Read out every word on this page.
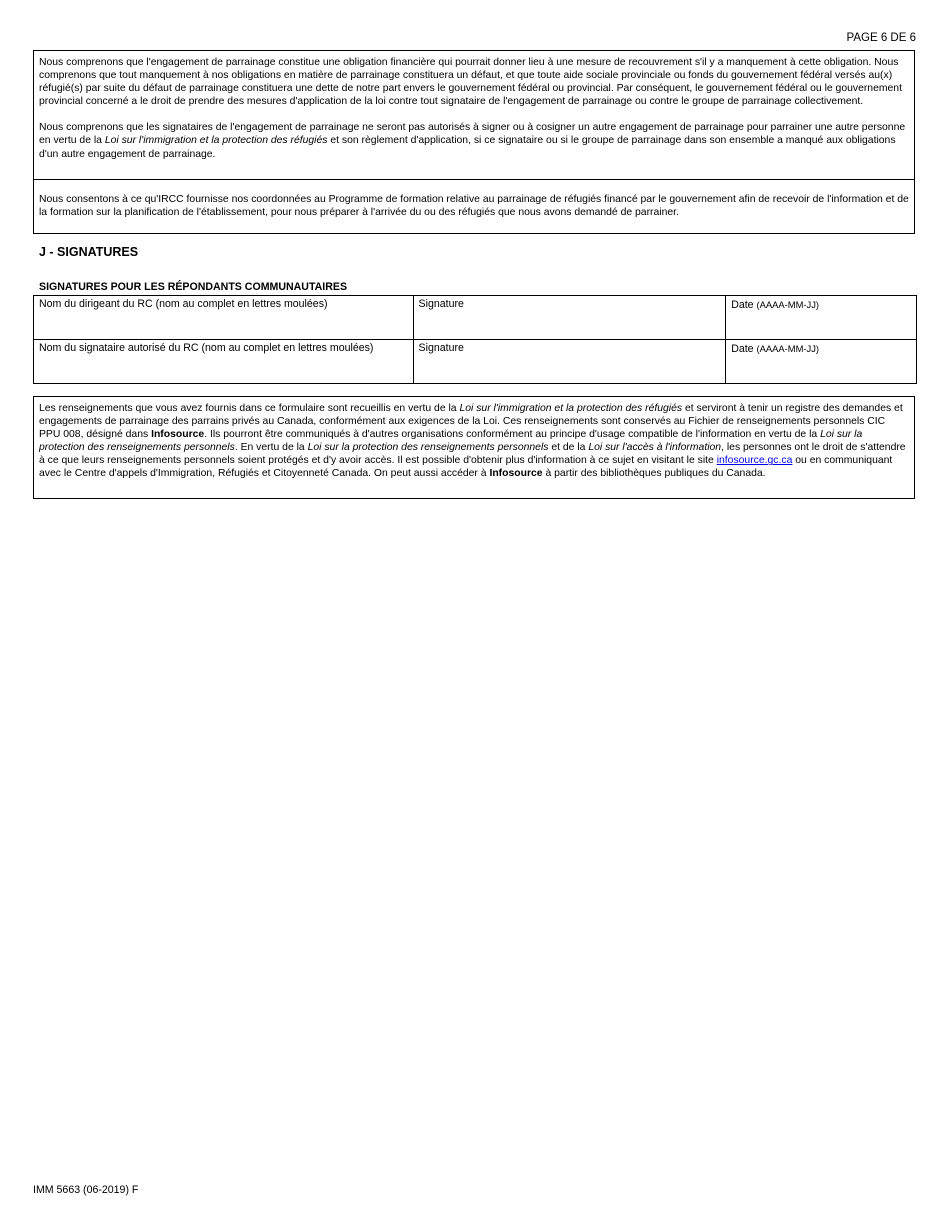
PAGE 6 DE 6
Nous comprenons que l'engagement de parrainage constitue une obligation financière qui pourrait donner lieu à une mesure de recouvrement s'il y a manquement à cette obligation. Nous comprenons que tout manquement à nos obligations en matière de parrainage constituera un défaut, et que toute aide sociale provinciale ou fonds du gouvernement fédéral versés au(x) réfugié(s) par suite du défaut de parrainage constituera une dette de notre part envers le gouvernement fédéral ou provincial. Par conséquent, le gouvernement fédéral ou le gouvernement provincial concerné a le droit de prendre des mesures d'application de la loi contre tout signataire de l'engagement de parrainage ou contre le groupe de parrainage collectivement.
Nous comprenons que les signataires de l'engagement de parrainage ne seront pas autorisés à signer ou à cosigner un autre engagement de parrainage pour parrainer une autre personne en vertu de la Loi sur l'immigration et la protection des réfugiés et son règlement d'application, si ce signataire ou si le groupe de parrainage dans son ensemble a manqué aux obligations d'un autre engagement de parrainage.
Nous consentons à ce qu'IRCC fournisse nos coordonnées au Programme de formation relative au parrainage de réfugiés financé par le gouvernement afin de recevoir de l'information et de la formation sur la planification de l'établissement, pour nous préparer à l'arrivée du ou des réfugiés que nous avons demandé de parrainer.
J - SIGNATURES
SIGNATURES POUR LES RÉPONDANTS COMMUNAUTAIRES
Nom du dirigeant du RC (nom au complet en lettres moulées)	Signature	Date (AAAA-MM-JJ)
Nom du signataire autorisé du RC (nom au complet en lettres moulées)	Signature	Date (AAAA-MM-JJ)
Les renseignements que vous avez fournis dans ce formulaire sont recueillis en vertu de la Loi sur l'immigration et la protection des réfugiés et serviront à tenir un registre des demandes et engagements de parrainage des parrains privés au Canada, conformément aux exigences de la Loi. Ces renseignements sont conservés au Fichier de renseignements personnels CIC PPU 008, désigné dans Infosource. Ils pourront être communiqués à d'autres organisations conformément au principe d'usage compatible de l'information en vertu de la Loi sur la protection des renseignements personnels. En vertu de la Loi sur la protection des renseignements personnels et de la Loi sur l'accès à l'information, les personnes ont le droit de s'attendre à ce que leurs renseignements personnels soient protégés et d'y avoir accès. Il est possible d'obtenir plus d'information à ce sujet en visitant le site infosource.gc.ca ou en communiquant avec le Centre d'appels d'Immigration, Réfugiés et Citoyenneté Canada. On peut aussi accéder à Infosource à partir des bibliothèques publiques du Canada.
IMM 5663 (06-2019) F
